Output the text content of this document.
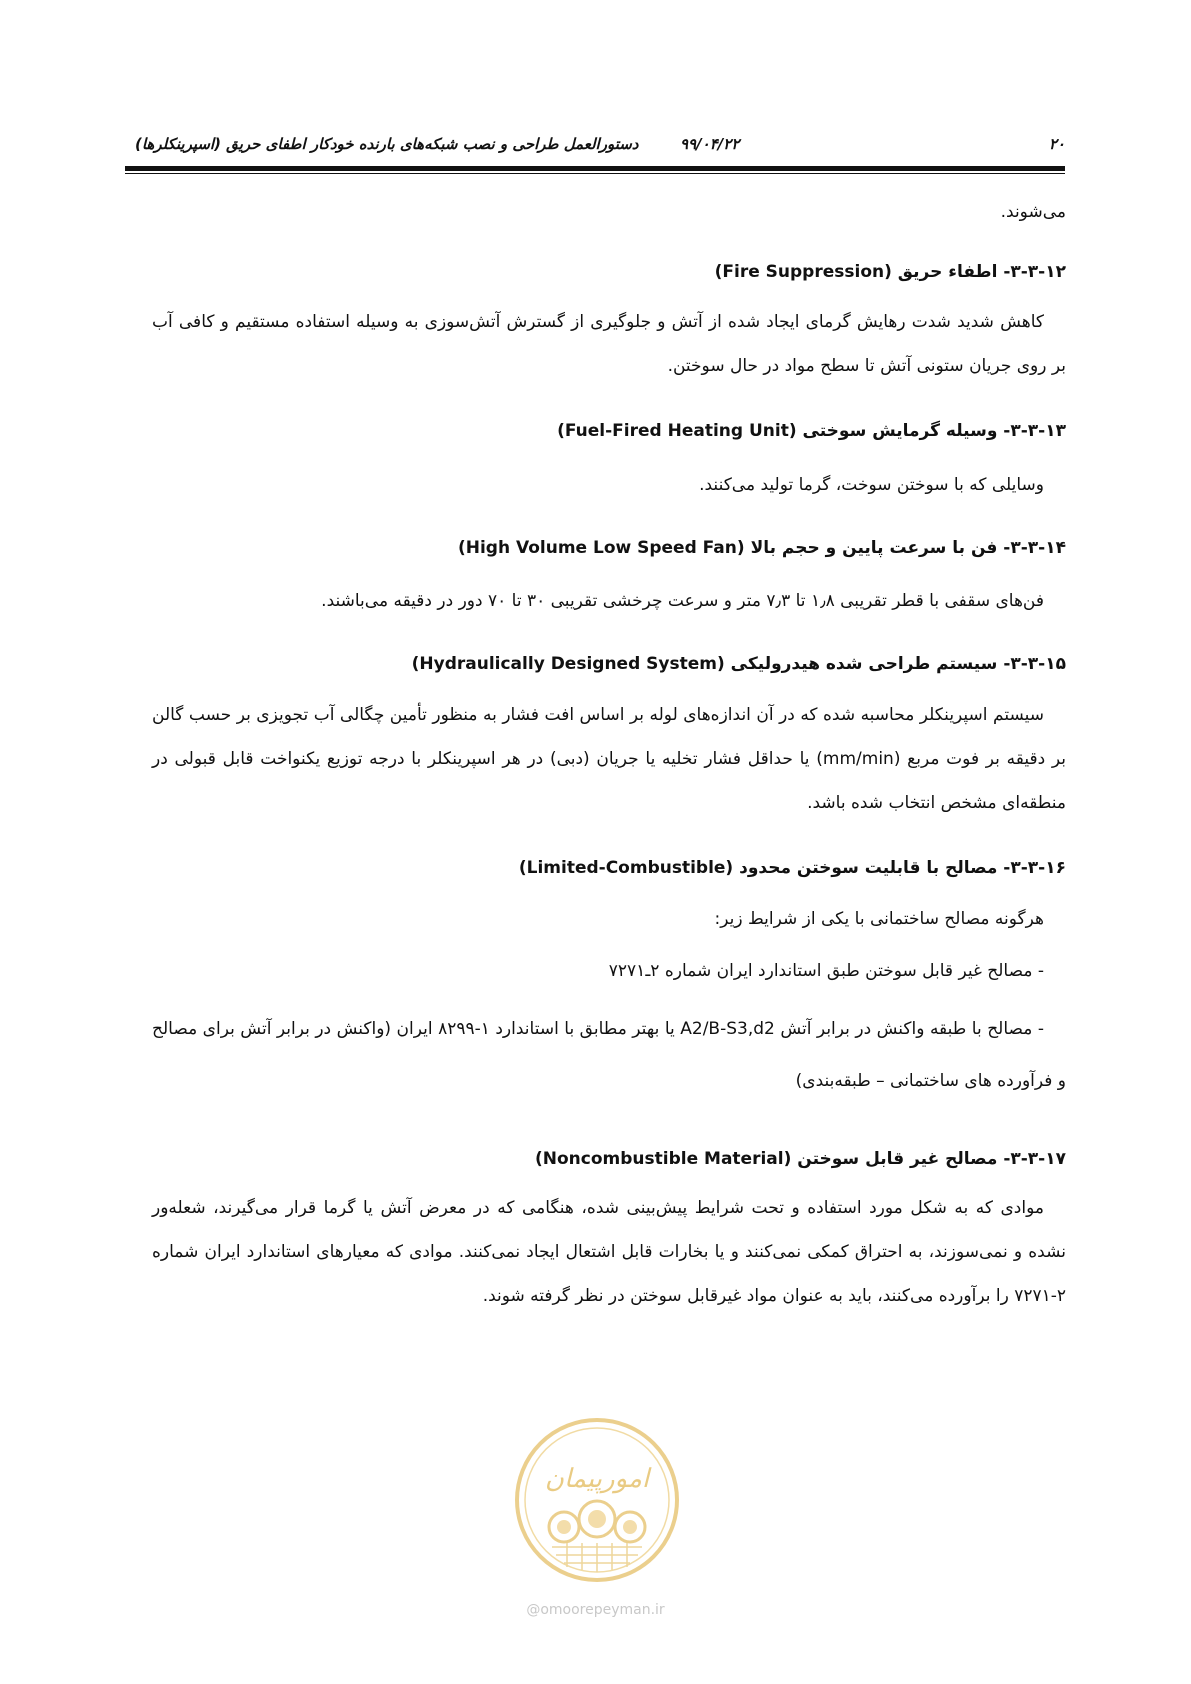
۲۰
۹۹/۰۴/۲۲
دستورالعمل طراحی و نصب شبکه‌های بارنده خودکار اطفای حریق (اسپرینکلرها)
می‌شوند.
۳-۳-۱۲- اطفاء حریق (Fire Suppression)
کاهش شدید شدت رهایش گرمای ایجاد شده از آتش و جلوگیری از گسترش آتش‌سوزی به وسیله استفاده مستقیم و کافی آب بر روی جریان ستونی آتش تا سطح مواد در حال سوختن.
۳-۳-۱۳- وسیله گرمایش سوختی (Fuel-Fired Heating Unit)
وسایلی که با سوختن سوخت، گرما تولید می‌کنند.
۳-۳-۱۴- فن با سرعت پایین و حجم بالا (High Volume Low Speed Fan)
فن‌های سقفی با قطر تقریبی ۱٫۸ تا ۷٫۳ متر و سرعت چرخشی تقریبی ۳۰ تا ۷۰ دور در دقیقه می‌باشند.
۳-۳-۱۵- سیستم طراحی شده هیدرولیکی (Hydraulically Designed System)
سیستم اسپرینکلر محاسبه شده که در آن اندازه‌های لوله بر اساس افت فشار به منظور تأمین چگالی آب تجویزی بر حسب گالن بر دقیقه بر فوت مربع (mm/min) یا حداقل فشار تخلیه یا جریان (دبی) در هر اسپرینکلر با درجه توزیع یکنواخت قابل قبولی در منطقه‌ای مشخص انتخاب شده باشد.
۳-۳-۱۶- مصالح با قابلیت سوختن محدود (Limited-Combustible)
هرگونه مصالح ساختمانی با یکی از شرایط زیر:
- مصالح غیر قابل سوختن طبق استاندارد ایران شماره ۲ـ۷۲۷۱
- مصالح با طبقه واکنش در برابر آتش A2/B-S3,d2 یا بهتر مطابق با استاندارد ۱-۸۲۹۹ ایران (واکنش در برابر آتش برای مصالح و فرآورده های ساختمانی – طبقه‌بندی)
۳-۳-۱۷- مصالح غیر قابل سوختن (Noncombustible Material)
موادی که به شکل مورد استفاده و تحت شرایط پیش‌بینی شده، هنگامی که در معرض آتش یا گرما قرار می‌گیرند، شعله‌ور نشده و نمی‌سوزند، به احتراق کمکی نمی‌کنند و یا بخارات قابل اشتعال ایجاد نمی‌کنند. موادی که معیارهای استاندارد ایران شماره ۲-۷۲۷۱ را برآورده می‌کنند، باید به عنوان مواد غیرقابل سوختن در نظر گرفته شوند.
امورپیمان
@omoorepeyman.ir
